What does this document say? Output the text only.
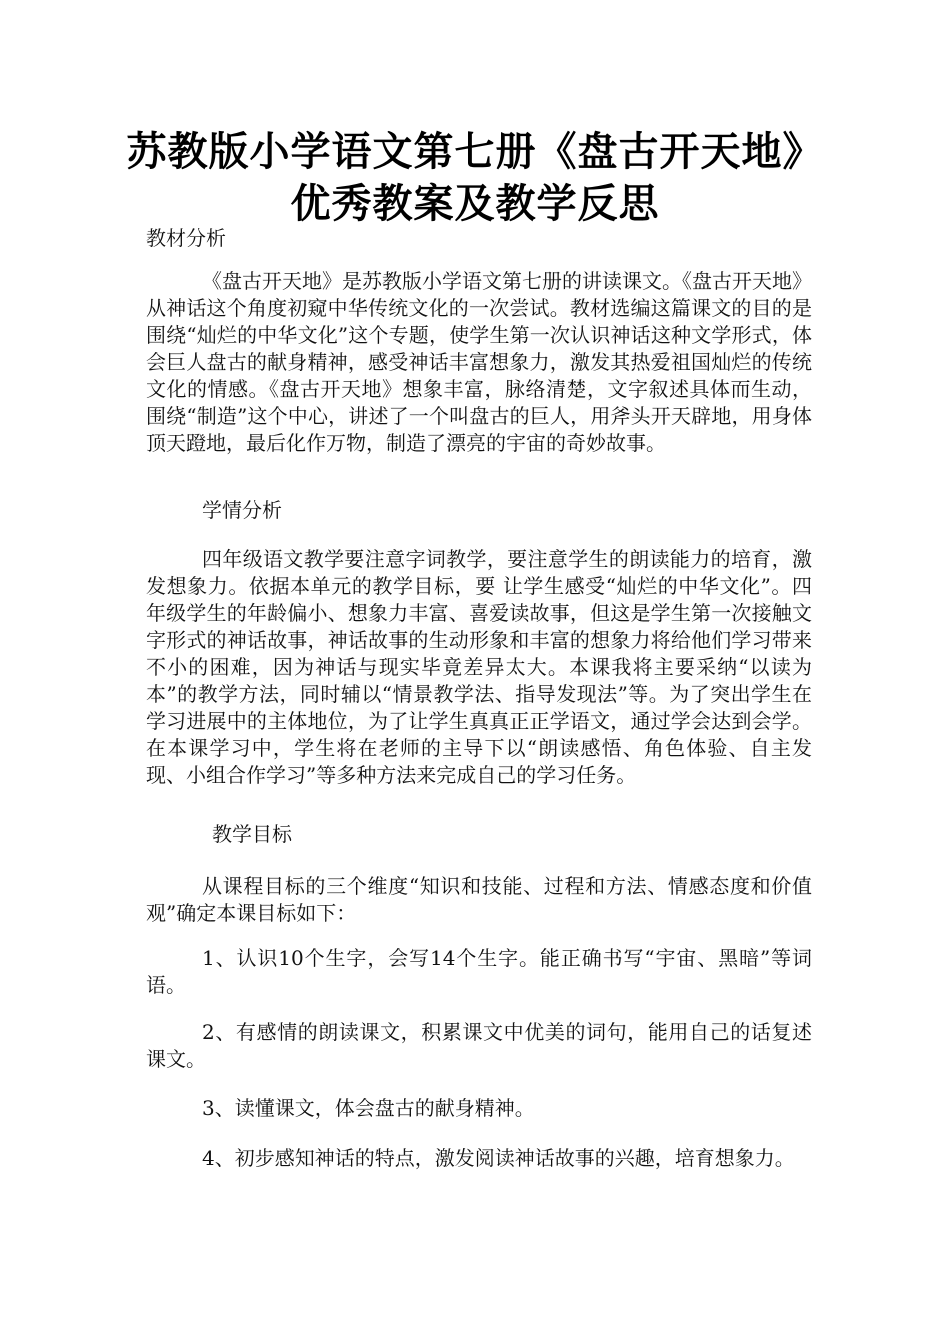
苏教版小学语文第七册《盘古开天地》
优秀教案及教学反思
教材分析
《盘古开天地》是苏教版小学语文第七册的讲读课文。《盘古开天地》从神话这个角度初窥中华传统文化的一次尝试。教材选编这篇课文的目的是围绕“灿烂的中华文化”这个专题，使学生第一次认识神话这种文学形式，体会巨人盘古的献身精神，感受神话丰富想象力，激发其热爱祖国灿烂的传统文化的情感。《盘古开天地》想象丰富，脉络清楚，文字叙述具体而生动，围绕“制造”这个中心，讲述了一个叫盘古的巨人，用斧头开天辟地，用身体顶天蹬地，最后化作万物，制造了漂亮的宇宙的奇妙故事。
学情分析
四年级语文教学要注意字词教学，要注意学生的朗读能力的培育，激发想象力。依据本单元的教学目标，要 让学生感受“灿烂的中华文化”。四年级学生的年龄偏小、想象力丰富、喜爱读故事，但这是学生第一次接触文字形式的神话故事，神话故事的生动形象和丰富的想象力将给他们学习带来不小的困难，因为神话与现实毕竟差异太大。本课我将主要采纳“以读为本”的教学方法，同时辅以“情景教学法、指导发现法”等。为了突出学生在学习进展中的主体地位，为了让学生真真正正学语文，通过学会达到会学。在本课学习中，学生将在老师的主导下以“朗读感悟、角色体验、自主发现、小组合作学习”等多种方法来完成自己的学习任务。
教学目标
从课程目标的三个维度“知识和技能、过程和方法、情感态度和价值观”确定本课目标如下：
1、认识10个生字，会写14个生字。能正确书写“宇宙、黑暗”等词语。
2、有感情的朗读课文，积累课文中优美的词句，能用自己的话复述课文。
3、读懂课文，体会盘古的献身精神。
4、初步感知神话的特点，激发阅读神话故事的兴趣，培育想象力。
